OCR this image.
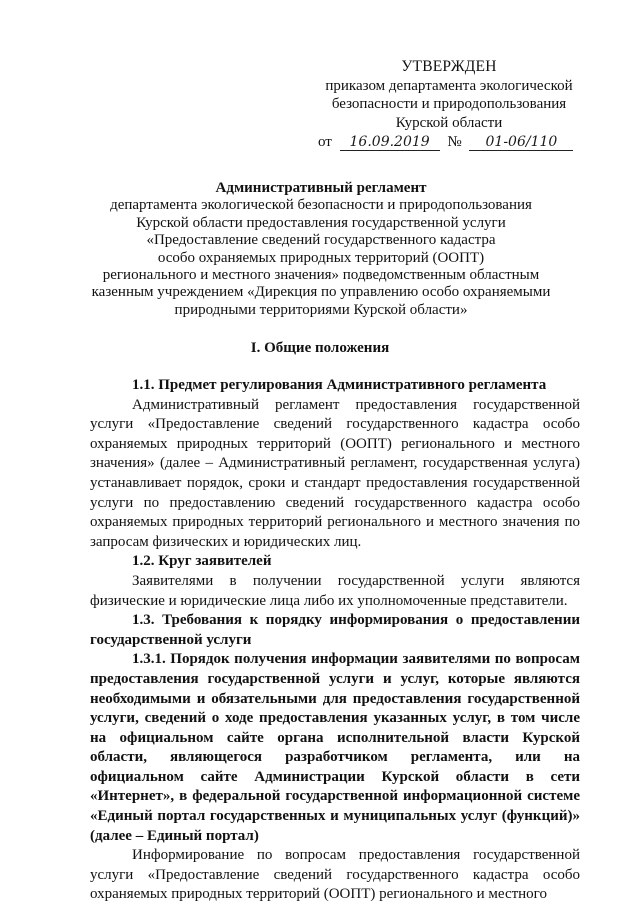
УТВЕРЖДЕН
приказом департамента экологической
безопасности и природопользования
Курской области
от 16.09.2019 № 01-06/110
Административный регламент
департамента экологической безопасности и природопользования
Курской области предоставления государственной услуги
«Предоставление сведений государственного кадастра
особо охраняемых природных территорий (ООПТ)
регионального и местного значения» подведомственным областным
казенным учреждением «Дирекция по управлению особо охраняемыми
природными территориями Курской области»
I. Общие положения

1.1. Предмет регулирования Административного регламента

Административный регламент предоставления государственной услуги «Предоставление сведений государственного кадастра особо охраняемых природных территорий (ООПТ) регионального и местного значения» (далее – Административный регламент, государственная услуга) устанавливает порядок, сроки и стандарт предоставления государственной услуги по предоставлению сведений государственного кадастра особо охраняемых природных территорий регионального и местного значения по запросам физических и юридических лиц.

1.2. Круг заявителей

Заявителями в получении государственной услуги являются физические и юридические лица либо их уполномоченные представители.

1.3. Требования к порядку информирования о предоставлении государственной услуги

1.3.1. Порядок получения информации заявителями по вопросам предоставления государственной услуги и услуг, которые являются необходимыми и обязательными для предоставления государственной услуги, сведений о ходе предоставления указанных услуг, в том числе на официальном сайте органа исполнительной власти Курской области, являющегося разработчиком регламента, или на официальном сайте Администрации Курской области в сети «Интернет», в федеральной государственной информационной системе «Единый портал государственных и муниципальных услуг (функций)» (далее – Единый портал)

Информирование по вопросам предоставления государственной услуги «Предоставление сведений государственного кадастра особо охраняемых природных территорий (ООПТ) регионального и местного
